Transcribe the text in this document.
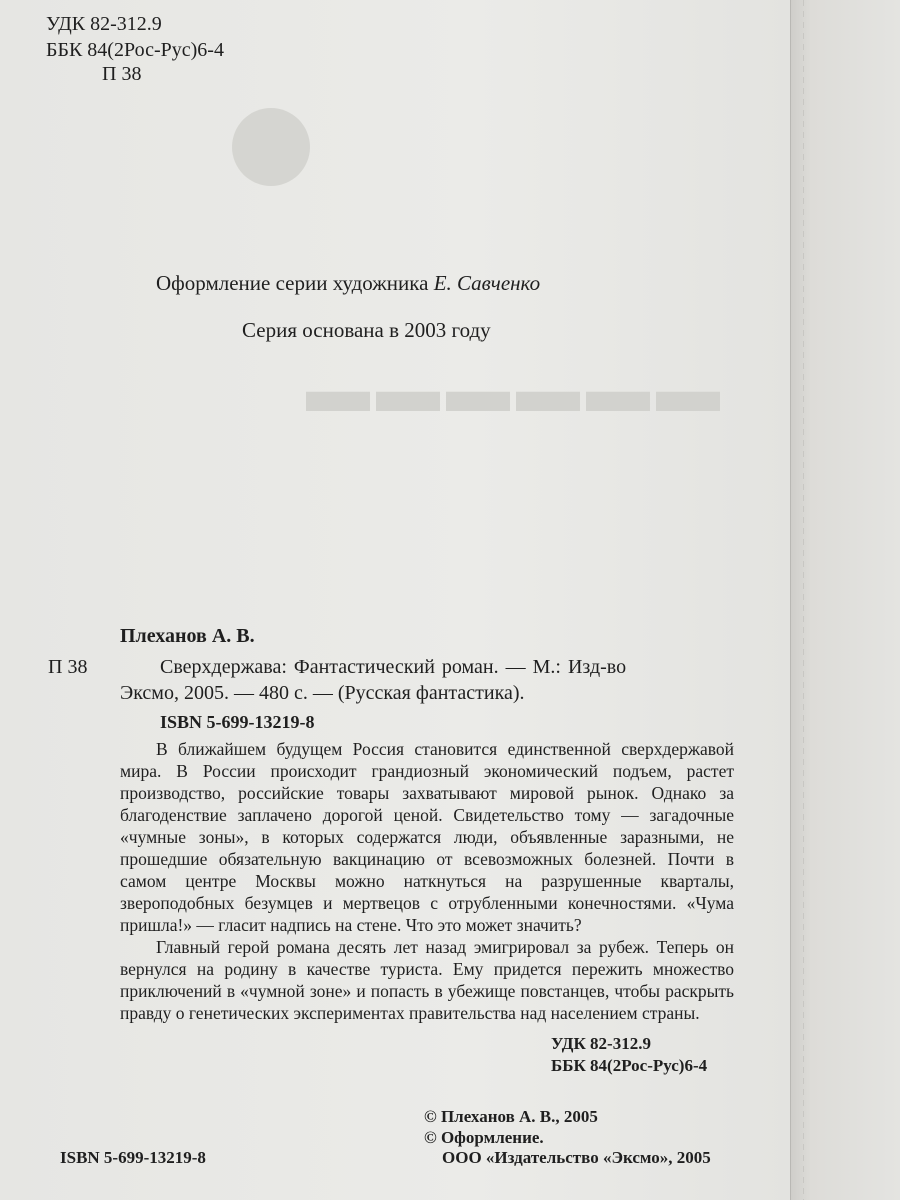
▬▬▬▬▬▬
УДК 82-312.9
ББК 84(2Рос-Рус)6-4
П 38
Оформление серии художника Е. Савченко
Серия основана в 2003 году
Плеханов А. В.
П 38	Сверхдержава: Фантастический роман. — М.: Изд-во
Эксмо, 2005. — 480 с. — (Русская фантастика).
ISBN 5-699-13219-8

В ближайшем будущем Россия становится единственной сверхдержавой мира. В России происходит грандиозный экономический подъем, растет производство, российские товары захватывают мировой рынок. Однако за благоденствие заплачено дорогой ценой. Свидетельство тому — загадочные «чумные зоны», в которых содержатся люди, объявленные заразными, не прошедшие обязательную вакцинацию от всевозможных болезней. Почти в самом центре Москвы можно наткнуться на разрушенные кварталы, звероподобных безумцев и мертвецов с отрубленными конечностями. «Чума пришла!» — гласит надпись на стене. Что это может значить?

Главный герой романа десять лет назад эмигрировал за рубеж. Теперь он вернулся на родину в качестве туриста. Ему придется пережить множество приключений в «чумной зоне» и попасть в убежище повстанцев, чтобы раскрыть правду о генетических экспериментах правительства над населением страны.

УДК 82-312.9
ББК 84(2Рос-Рус)6-4
© Плеханов А. В., 2005
© Оформление.
ООО «Издательство «Эксмо», 2005
ISBN 5-699-13219-8
